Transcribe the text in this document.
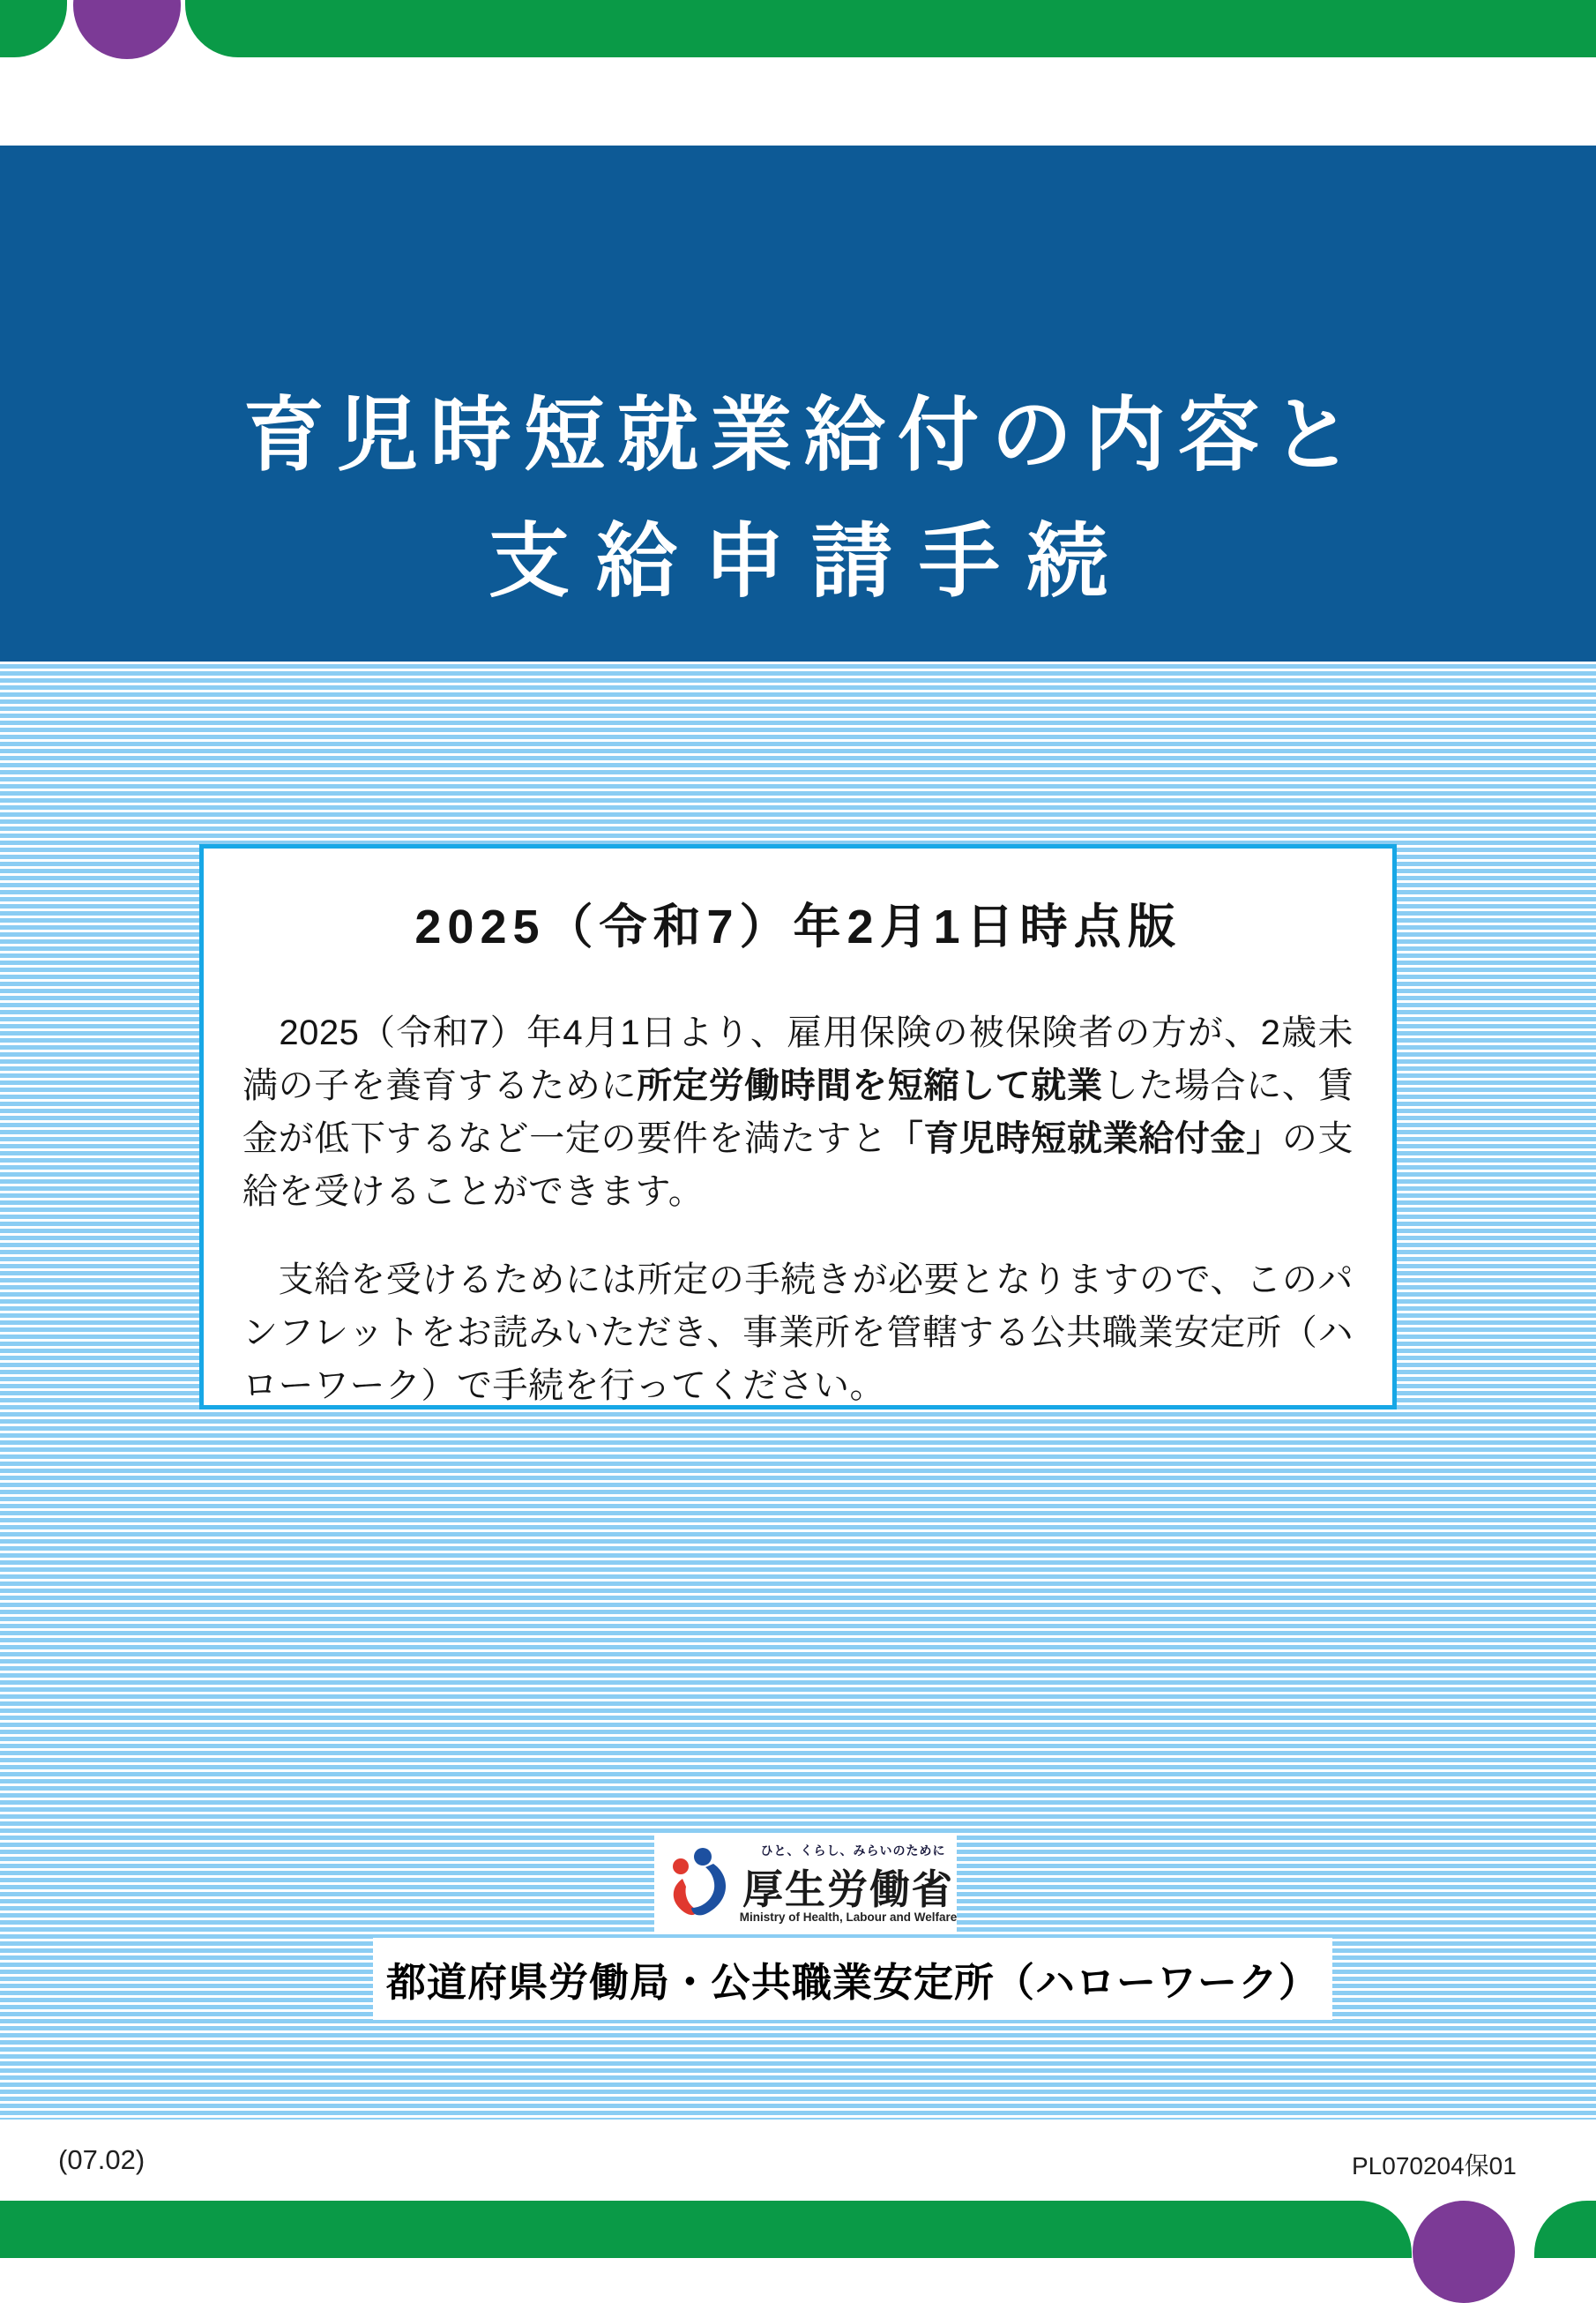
育児時短就業給付の内容と
支給申請手続
2025（令和7）年2月1日時点版

　2025（令和7）年4月1日より、雇用保険の被保険者の方が、2歳未満の子を養育するために所定労働時間を短縮して就業した場合に、賃金が低下するなど一定の要件を満たすと「育児時短就業給付金」の支給を受けることができます。

　支給を受けるためには所定の手続きが必要となりますので、このパンフレットをお読みいただき、事業所を管轄する公共職業安定所（ハローワーク）で手続を行ってください。

ひと、くらし、みらいのために
厚生労働省
Ministry of Health, Labour and Welfare
都道府県労働局・公共職業安定所（ハローワーク）
(07.02)	PL070204保01
